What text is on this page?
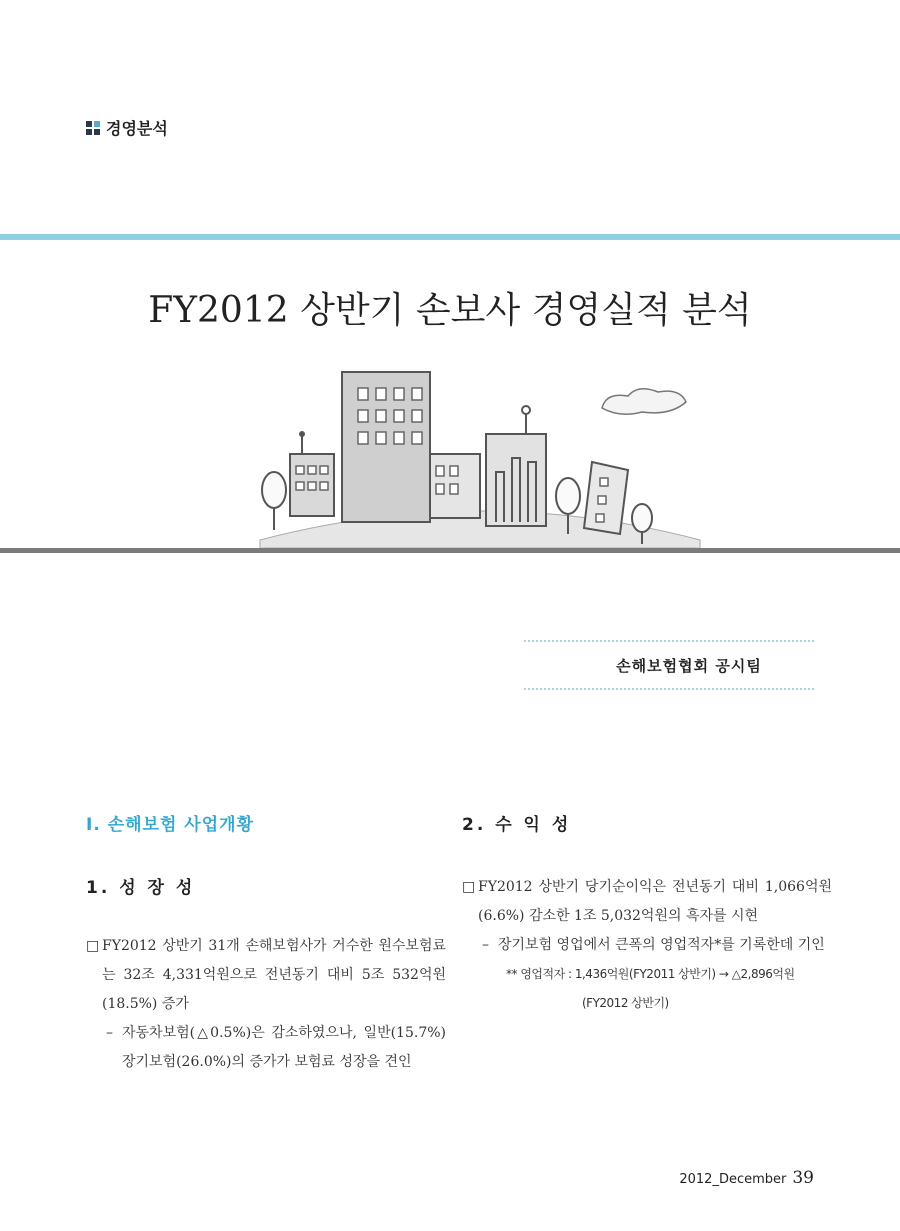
경영분석
FY2012 상반기 손보사 경영실적 분석
손해보험협회 공시팀
Ⅰ. 손해보험 사업개황
1. 성 장 성
□ FY2012 상반기 31개 손해보험사가 거수한 원수보험료는 32조 4,331억원으로 전년동기 대비 5조 532억원(18.5%) 증가
– 자동차보험(△0.5%)은 감소하였으나, 일반(15.7%) 장기보험(26.0%)의 증가가 보험료 성장을 견인
2. 수 익 성
□ FY2012 상반기 당기순이익은 전년동기 대비 1,066억원(6.6%) 감소한 1조 5,032억원의 흑자를 시현
– 장기보험 영업에서 큰폭의 영업적자*를 기록한데 기인
** 영업적자 : 1,436억원(FY2011 상반기) → △2,896억원
(FY2012 상반기)
2012_December 39
